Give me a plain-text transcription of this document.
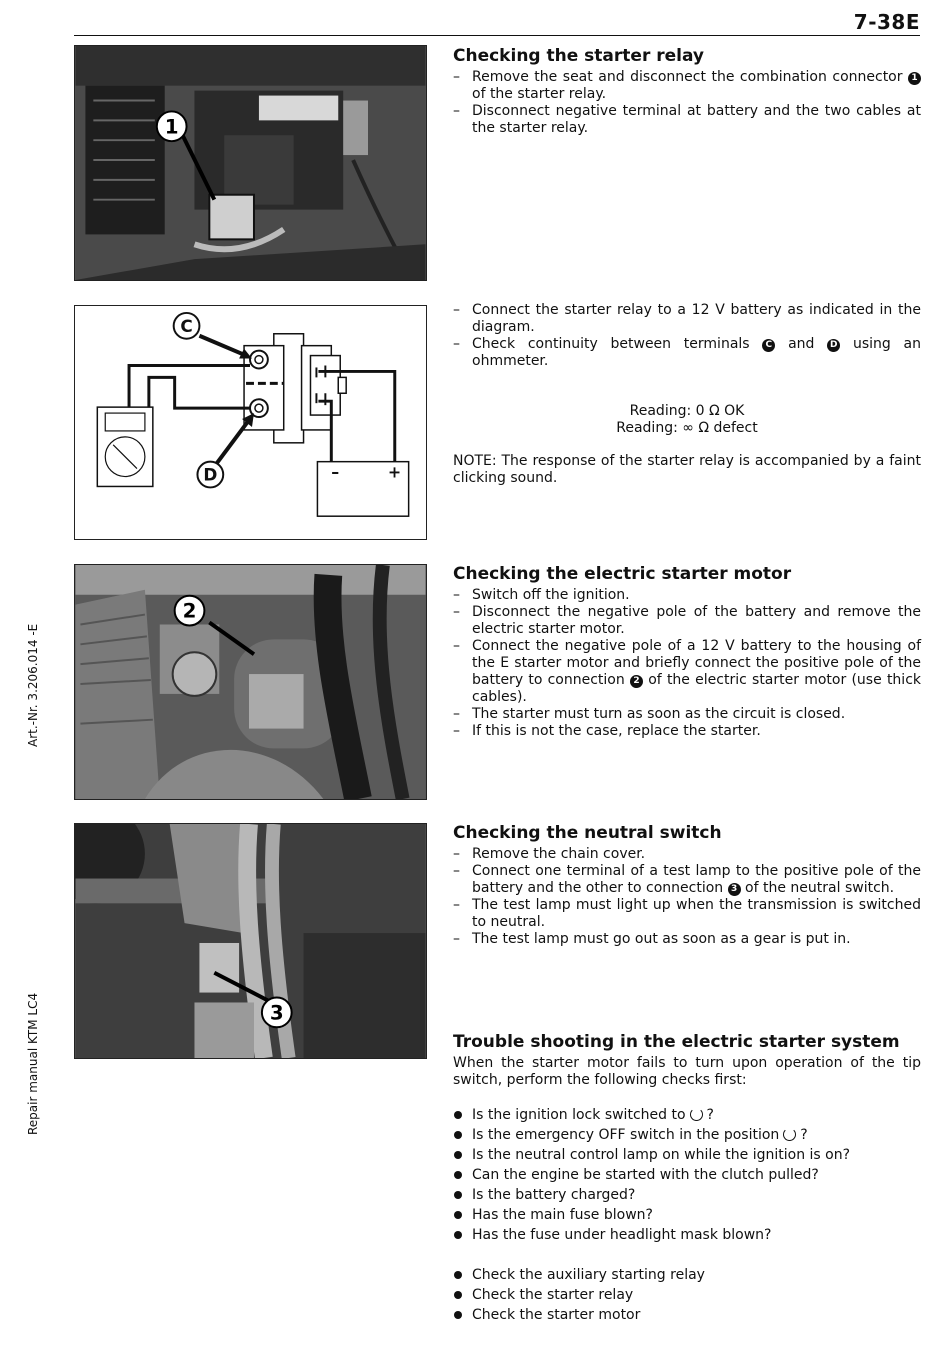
7-38E
Art.-Nr. 3.206.014 -E
Repair manual KTM LC4
1
–	+
C
D
2
3
Checking the starter relay
– Remove the seat and disconnect the combination connector 1 of the starter relay.
– Disconnect negative terminal at battery and the two cables at the starter relay.
– Connect the starter relay to a 12 V battery as indicated in the diagram.
– Check continuity between terminals C and D using an ohmmeter.

Reading: 0 Ω OK

Reading: ∞ Ω defect

NOTE: The response of the starter relay is accompanied by a faint clicking sound.

Checking the electric starter motor
– Switch off the ignition.
– Disconnect the negative pole of the battery and remove the electric starter motor.
– Connect the negative pole of a 12 V battery to the housing of the E starter motor and briefly connect the positive pole of the battery to connection 2 of the electric starter motor (use thick cables).
– The starter must turn as soon as the circuit is closed.
– If this is not the case, replace the starter.
Checking the neutral switch
– Remove the chain cover.
– Connect one terminal of a test lamp to the positive pole of the battery and the other to connection 3 of the neutral switch.
– The test lamp must light up when the transmission is switched to neutral.
– The test lamp must go out as soon as a gear is put in.
Trouble shooting in the electric starter system

When the starter motor fails to turn upon operation of the tip switch, perform the following checks first:

Is the ignition lock switched to ?
Is the emergency OFF switch in the position ?
Is the neutral control lamp on while the ignition is on?
Can the engine be started with the clutch pulled?
Is the battery charged?
Has the main fuse blown?
Has the fuse under headlight mask blown?
Check the auxiliary starting relay
Check the starter relay
Check the starter motor
